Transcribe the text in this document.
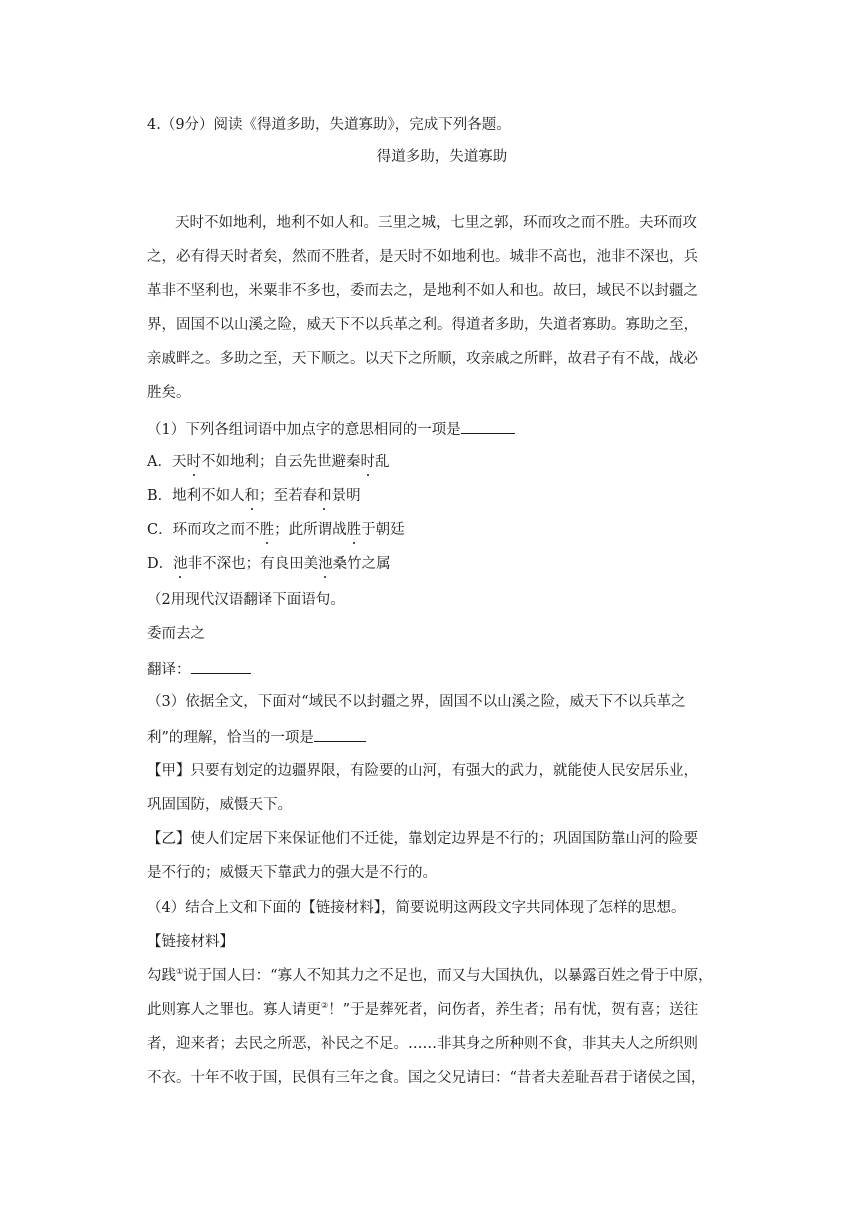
4.（9分）阅读《得道多助，失道寡助》，完成下列各题。
得道多助，失道寡助
天时不如地利，地利不如人和。三里之城，七里之郭，环而攻之而不胜。夫环而攻
之，必有得天时者矣，然而不胜者，是天时不如地利也。城非不高也，池非不深也，兵
革非不坚利也，米粟非不多也，委而去之，是地利不如人和也。故曰，域民不以封疆之
界，固国不以山溪之险，威天下不以兵革之利。得道者多助，失道者寡助。寡助之至，
亲戚畔之。多助之至，天下顺之。以天下之所顺，攻亲戚之所畔，故君子有不战，战必
胜矣。
（1）下列各组词语中加点字的意思相同的一项是
A．天时不如地利；自云先世避秦时乱
B．地利不如人和；至若春和景明
C．环而攻之而不胜；此所谓战胜于朝廷
D．池非不深也；有良田美池桑竹之属
（2用现代汉语翻译下面语句。
委而去之
翻译：
（3）依据全文，下面对“域民不以封疆之界，固国不以山溪之险，威天下不以兵革之
利”的理解，恰当的一项是
【甲】只要有划定的边疆界限，有险要的山河，有强大的武力，就能使人民安居乐业，
巩固国防，威慑天下。
【乙】使人们定居下来保证他们不迁徙，靠划定边界是不行的；巩固国防靠山河的险要
是不行的；威慑天下靠武力的强大是不行的。
（4）结合上文和下面的【链接材料】，简要说明这两段文字共同体现了怎样的思想。
【链接材料】
勾践①说于国人曰：“寡人不知其力之不足也，而又与大国执仇，以暴露百姓之骨于中原，
此则寡人之罪也。寡人请更②！”于是葬死者，问伤者，养生者；吊有忧，贺有喜；送往
者，迎来者；去民之所恶，补民之不足。……非其身之所种则不食，非其夫人之所织则
不衣。十年不收于国，民俱有三年之食。国之父兄请曰：“昔者夫差耻吾君于诸侯之国，
